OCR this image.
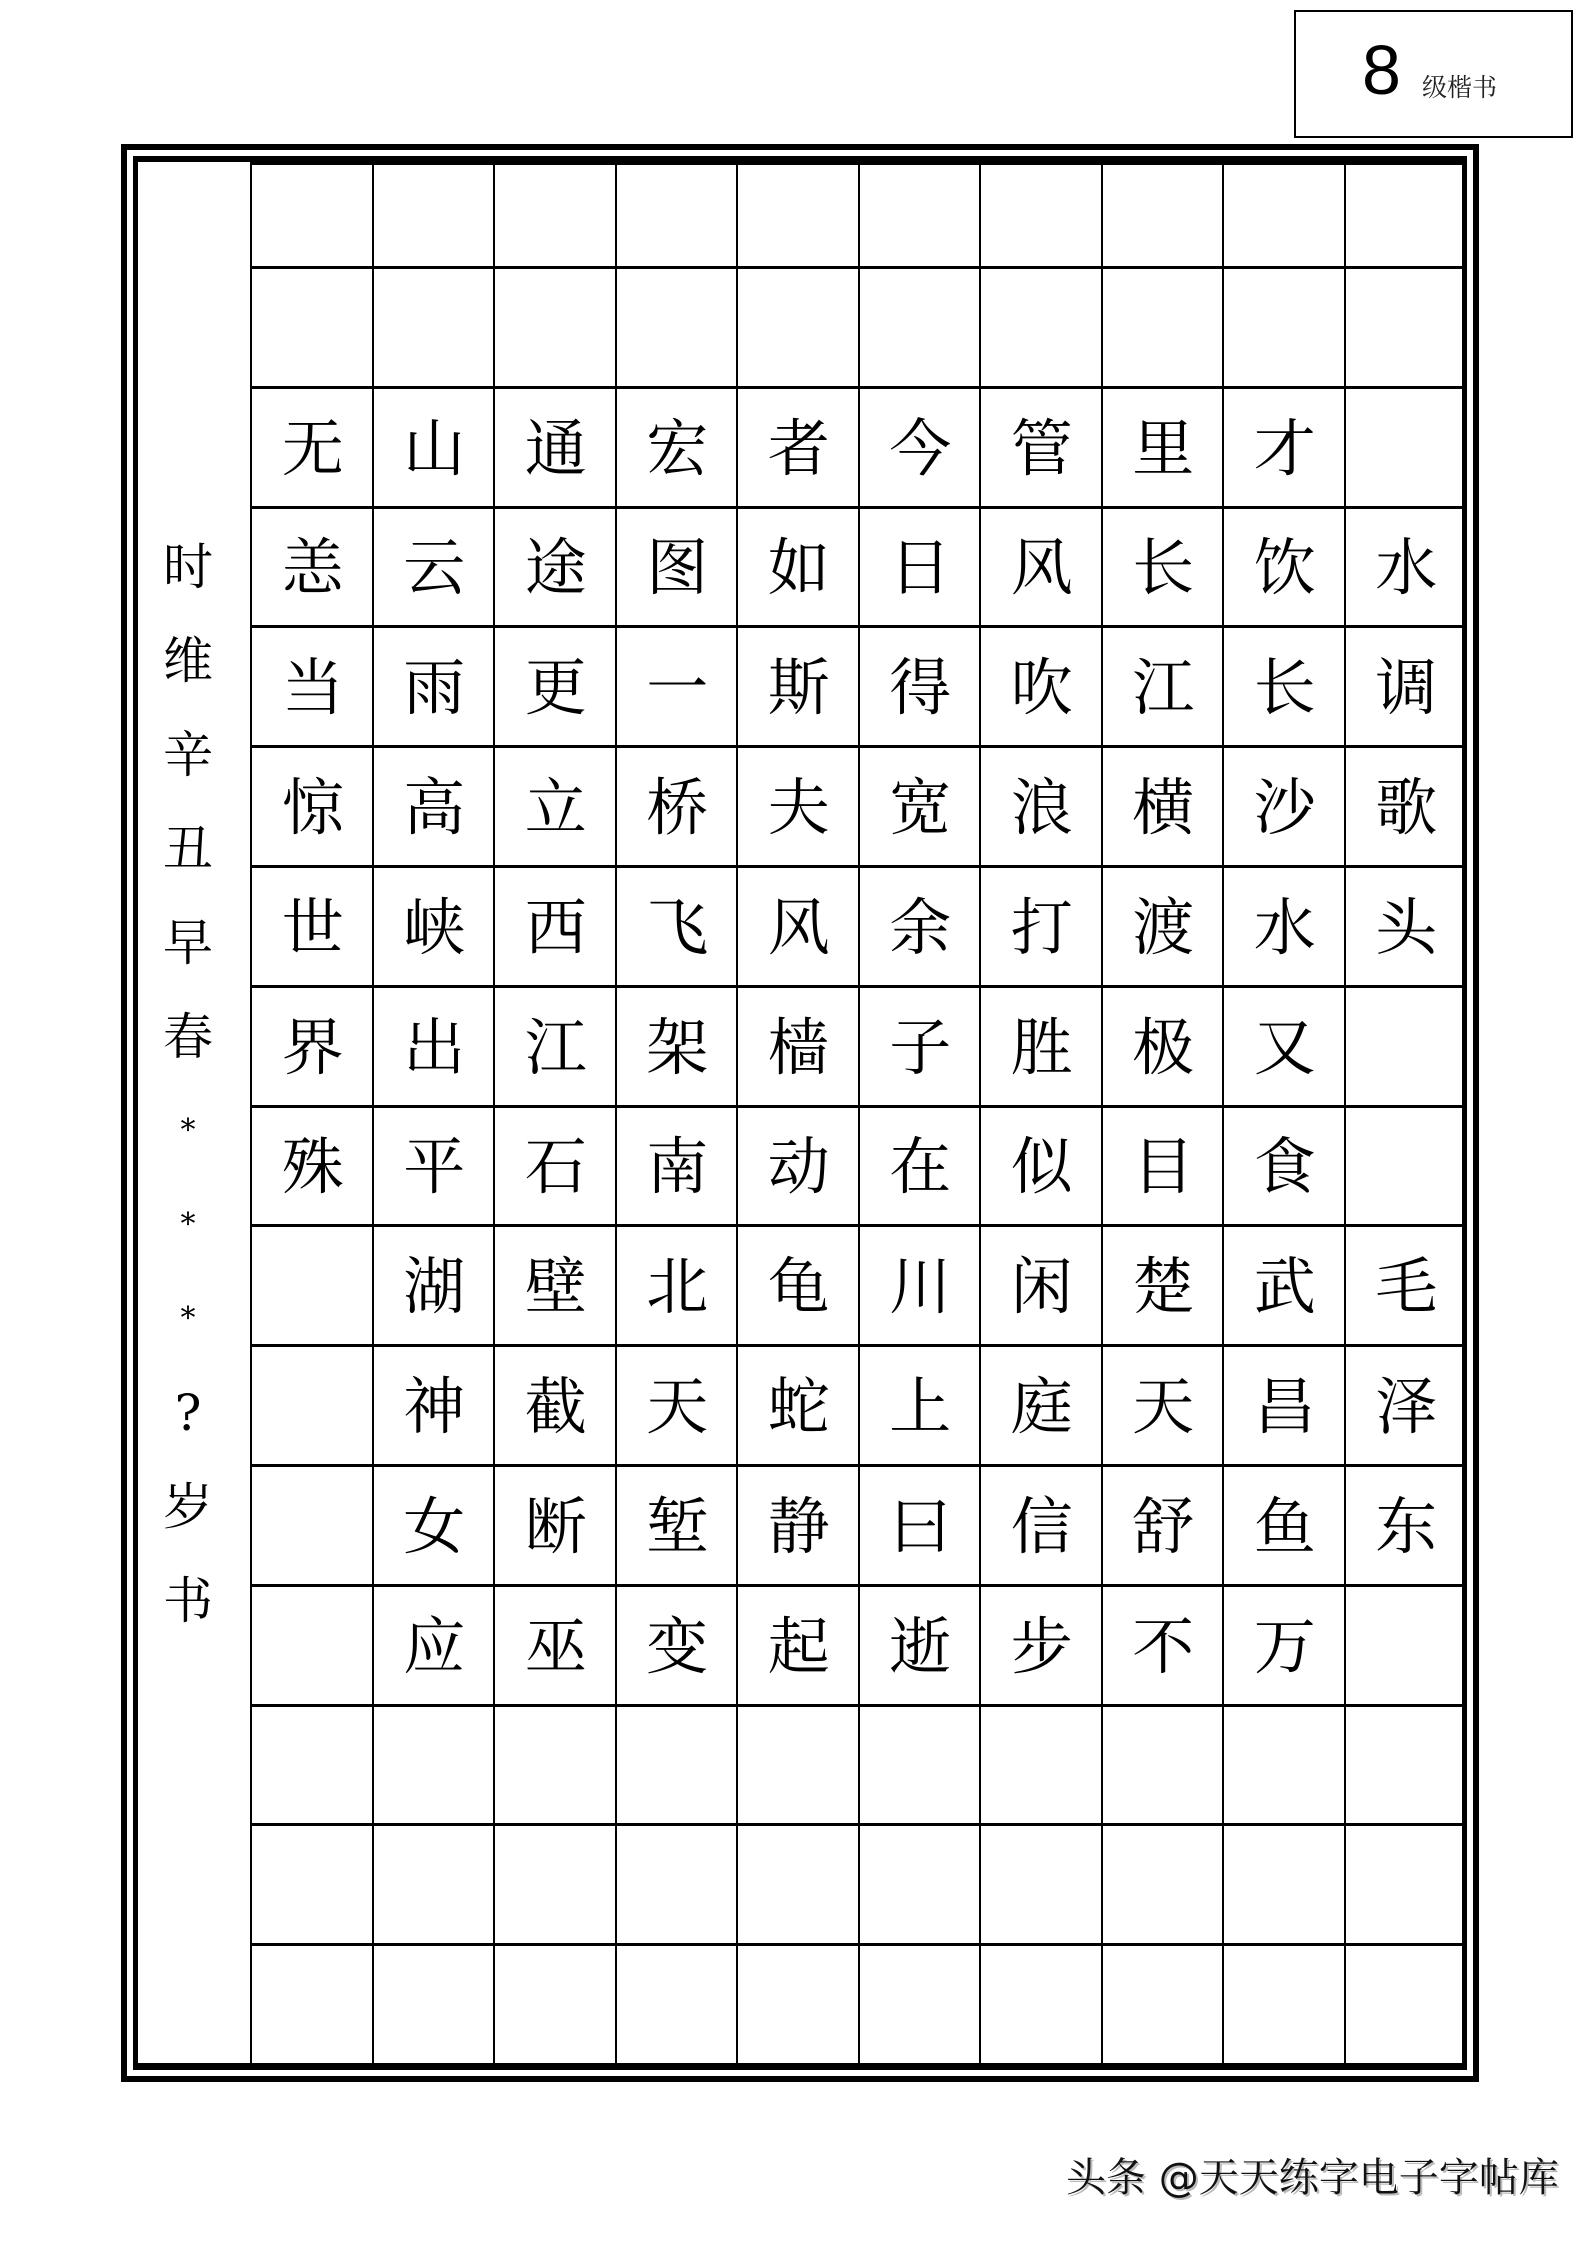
8 级楷书
时
维
辛
丑
早
春
*
*
*
?
岁
书
水
调
歌
头
毛
泽
东
才
饮
长
沙
水
又
食
武
昌
鱼
万
里
长
江
横
渡
极
目
楚
天
舒
不
管
风
吹
浪
打
胜
似
闲
庭
信
步
今
日
得
宽
余
子
在
川
上
曰
逝
者
如
斯
夫
风
樯
动
龟
蛇
静
起
宏
图
一
桥
飞
架
南
北
天
堑
变
通
途
更
立
西
江
石
壁
截
断
巫
山
云
雨
高
峡
出
平
湖
神
女
应
无
恙
当
惊
世
界
殊
头条 @天天练字电子字帖库
